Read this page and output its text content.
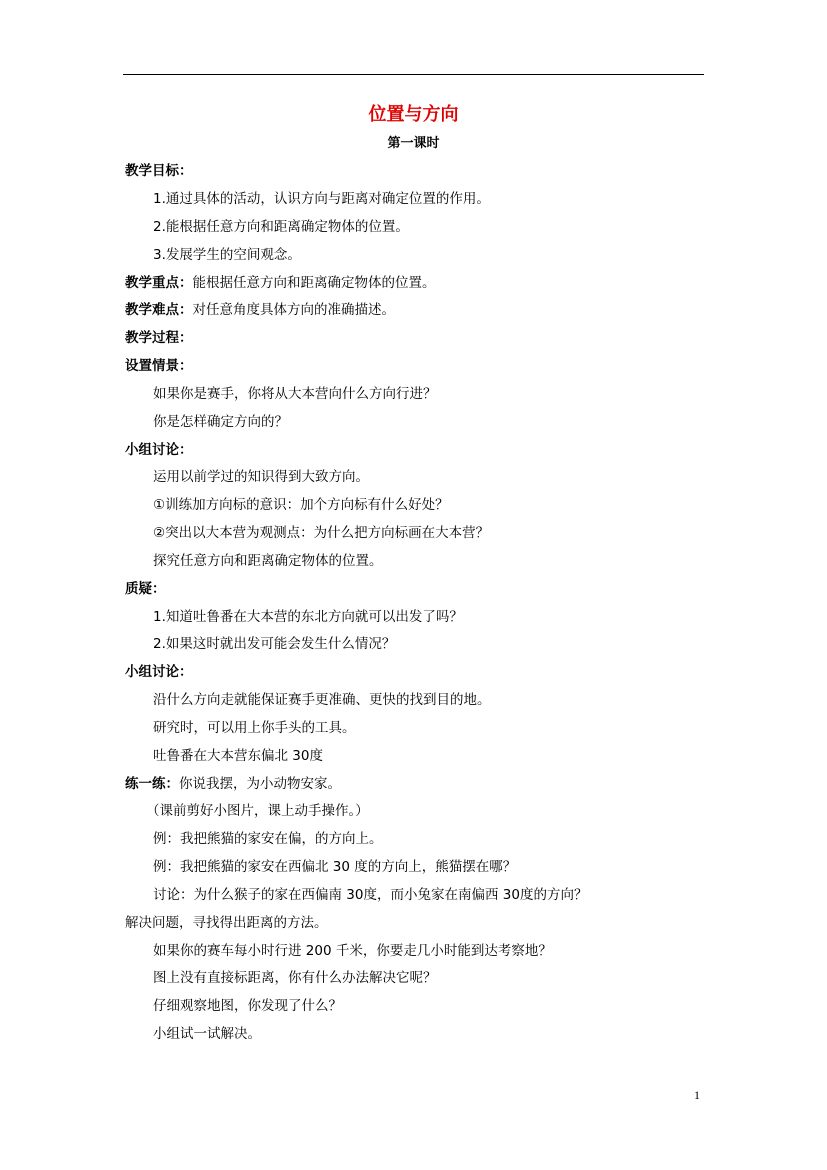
位置与方向
第一课时
教学目标：
1.通过具体的活动，认识方向与距离对确定位置的作用。
2.能根据任意方向和距离确定物体的位置。
3.发展学生的空间观念。
教学重点：能根据任意方向和距离确定物体的位置。
教学难点：对任意角度具体方向的准确描述。
教学过程：
设置情景：
如果你是赛手，你将从大本营向什么方向行进？
你是怎样确定方向的？
小组讨论：
运用以前学过的知识得到大致方向。
①训练加方向标的意识：加个方向标有什么好处？
②突出以大本营为观测点：为什么把方向标画在大本营？
探究任意方向和距离确定物体的位置。
质疑：
1.知道吐鲁番在大本营的东北方向就可以出发了吗？
2.如果这时就出发可能会发生什么情况？
小组讨论：
沿什么方向走就能保证赛手更准确、更快的找到目的地。
研究时，可以用上你手头的工具。
吐鲁番在大本营东偏北 30度
练一练：你说我摆，为小动物安家。
（课前剪好小图片，课上动手操作。）
例：我把熊猫的家安在偏，的方向上。
例：我把熊猫的家安在西偏北 30 度的方向上，熊猫摆在哪？
讨论：为什么猴子的家在西偏南 30度，而小兔家在南偏西 30度的方向？
解决问题，寻找得出距离的方法。
如果你的赛车每小时行进 200 千米，你要走几小时能到达考察地？
图上没有直接标距离，你有什么办法解决它呢？
仔细观察地图，你发现了什么？
小组试一试解决。
1
